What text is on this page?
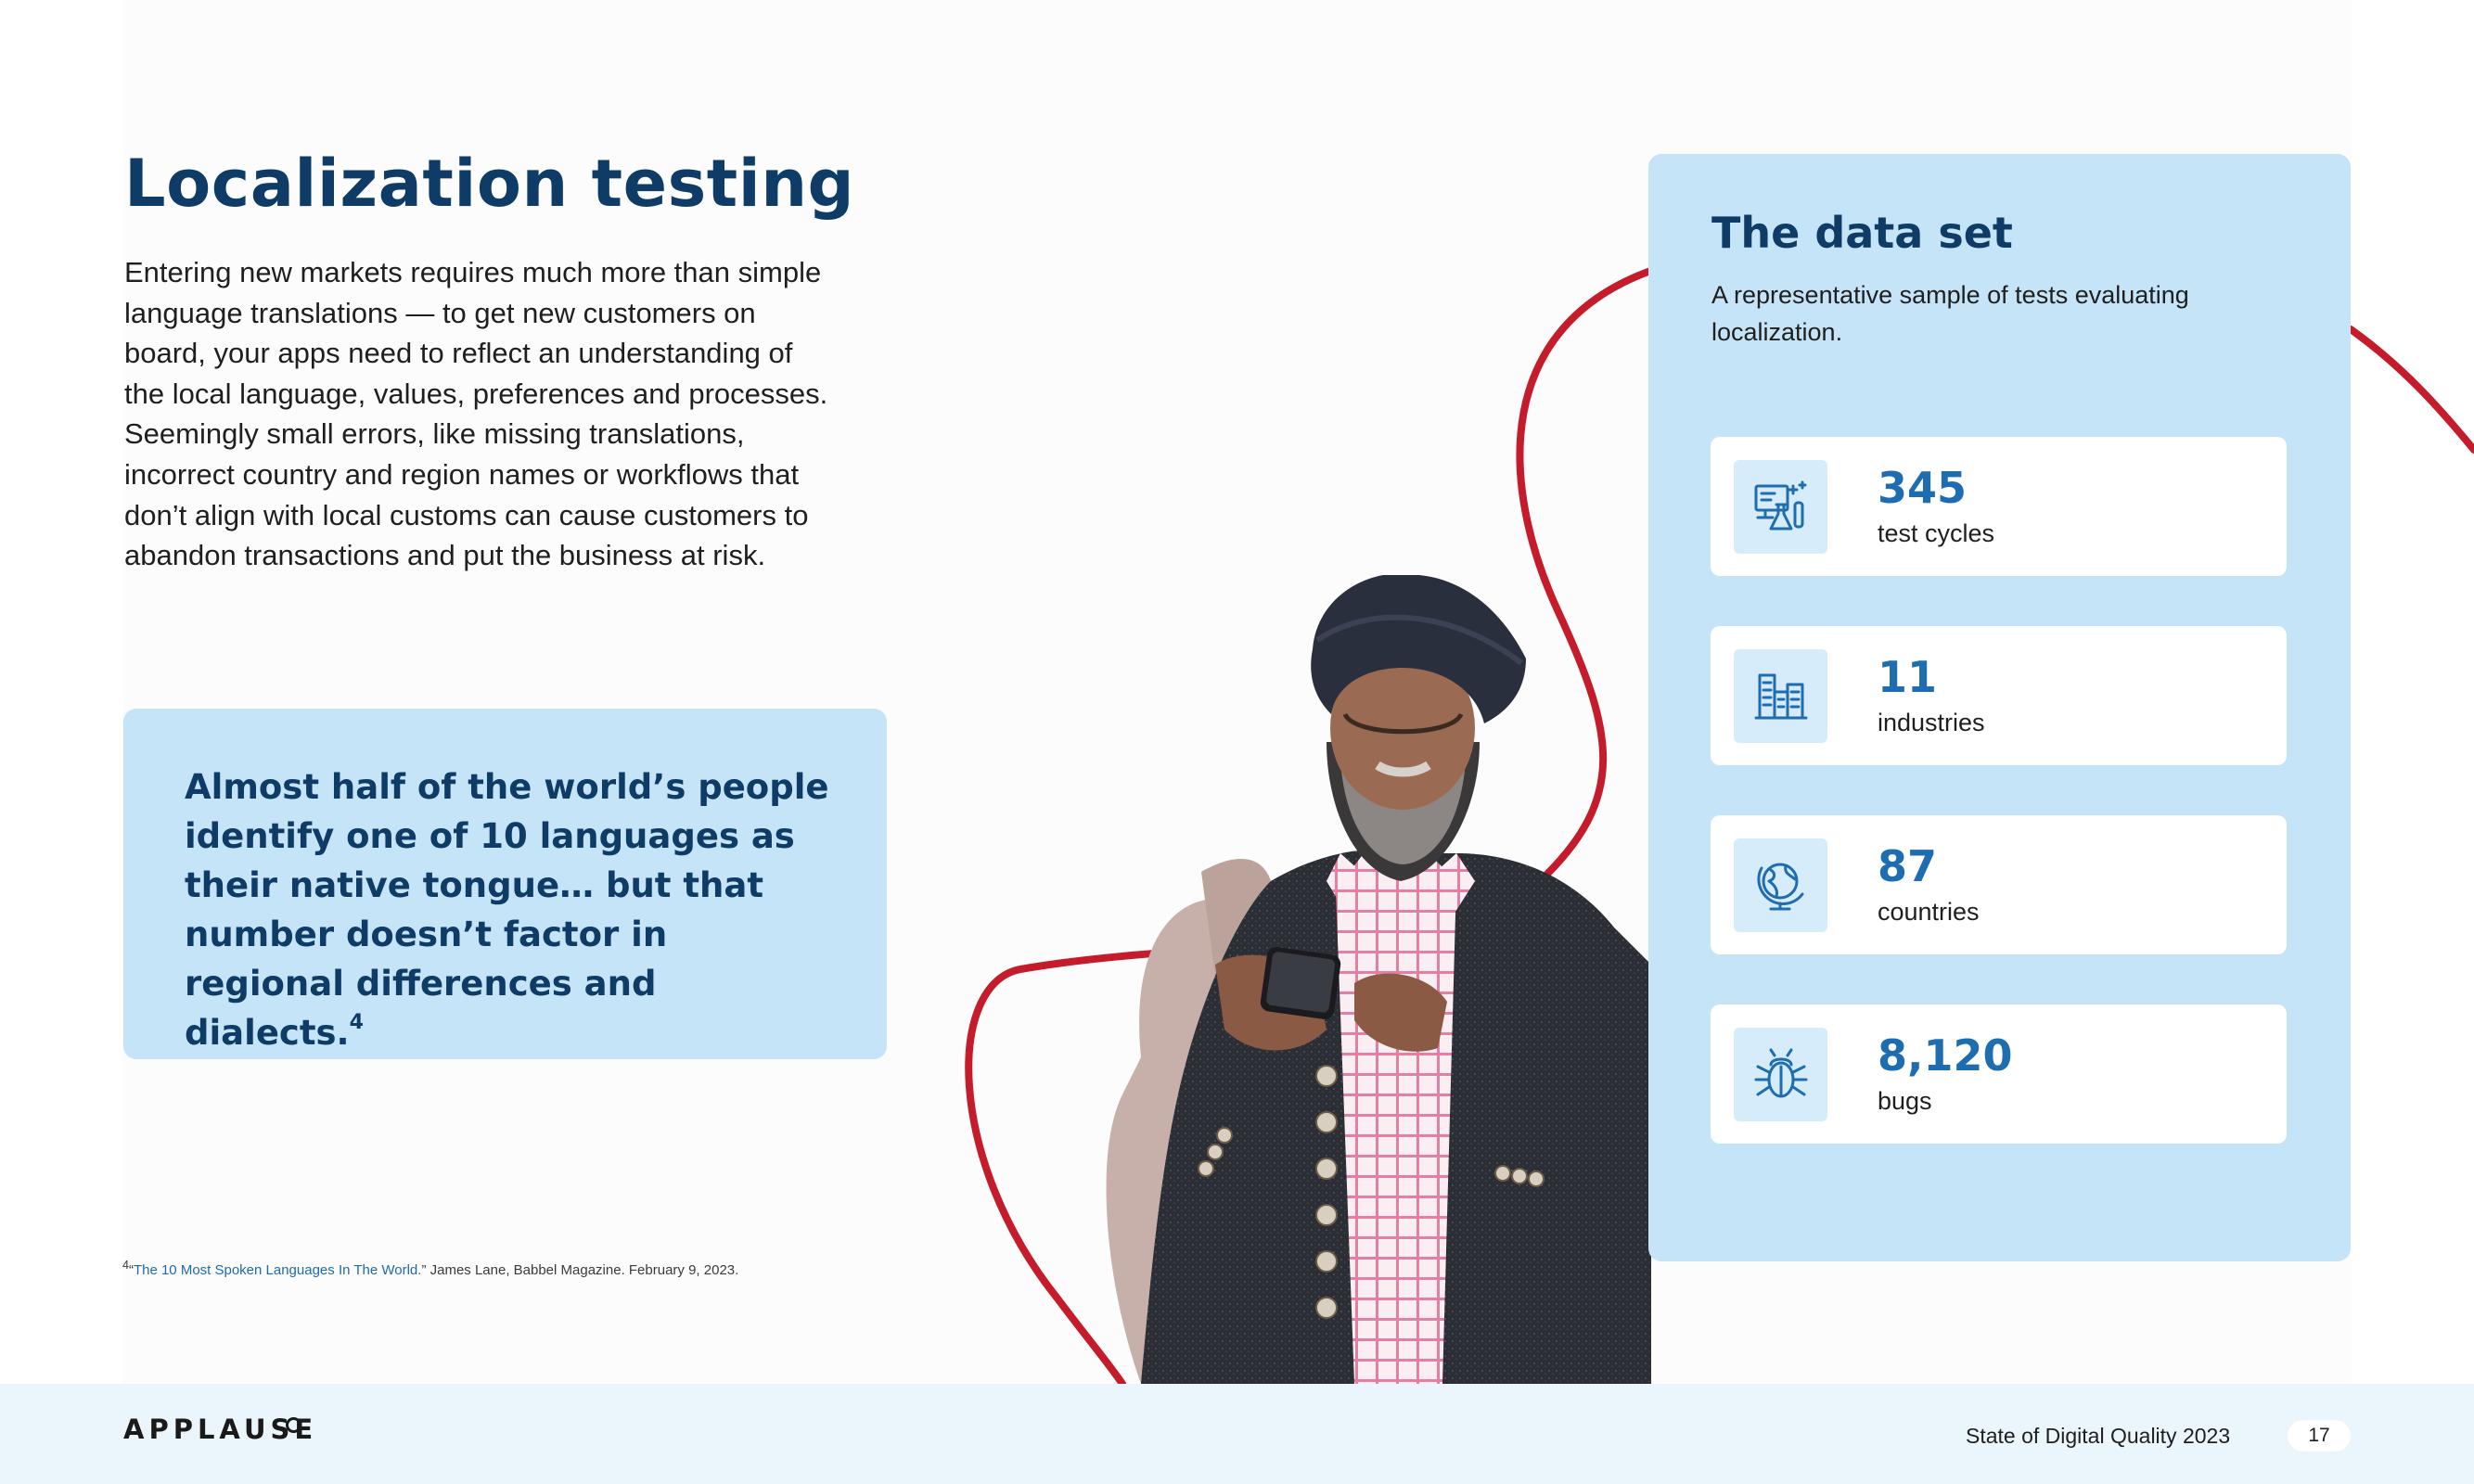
Localization testing

Entering new markets requires much more than simple language translations — to get new customers on board, your apps need to reflect an understanding of the local language, values, preferences and processes. Seemingly small errors, like missing translations, incorrect country and region names or workflows that don’t align with local customs can cause customers to abandon transactions and put the business at risk.

Almost half of the world’s people identify one of 10 languages as their native tongue… but that number doesn’t factor in regional differences and dialects.$^4$

$^4$“The 10 Most Spoken Languages In The World.” James Lane, Babbel Magazine. February 9, 2023.
The data set

A representative sample of tests evaluating localization.

345
test cycles
11
industries
87
countries
8,120
bugs
APPLAUSE	State of Digital Quality 2023	17
